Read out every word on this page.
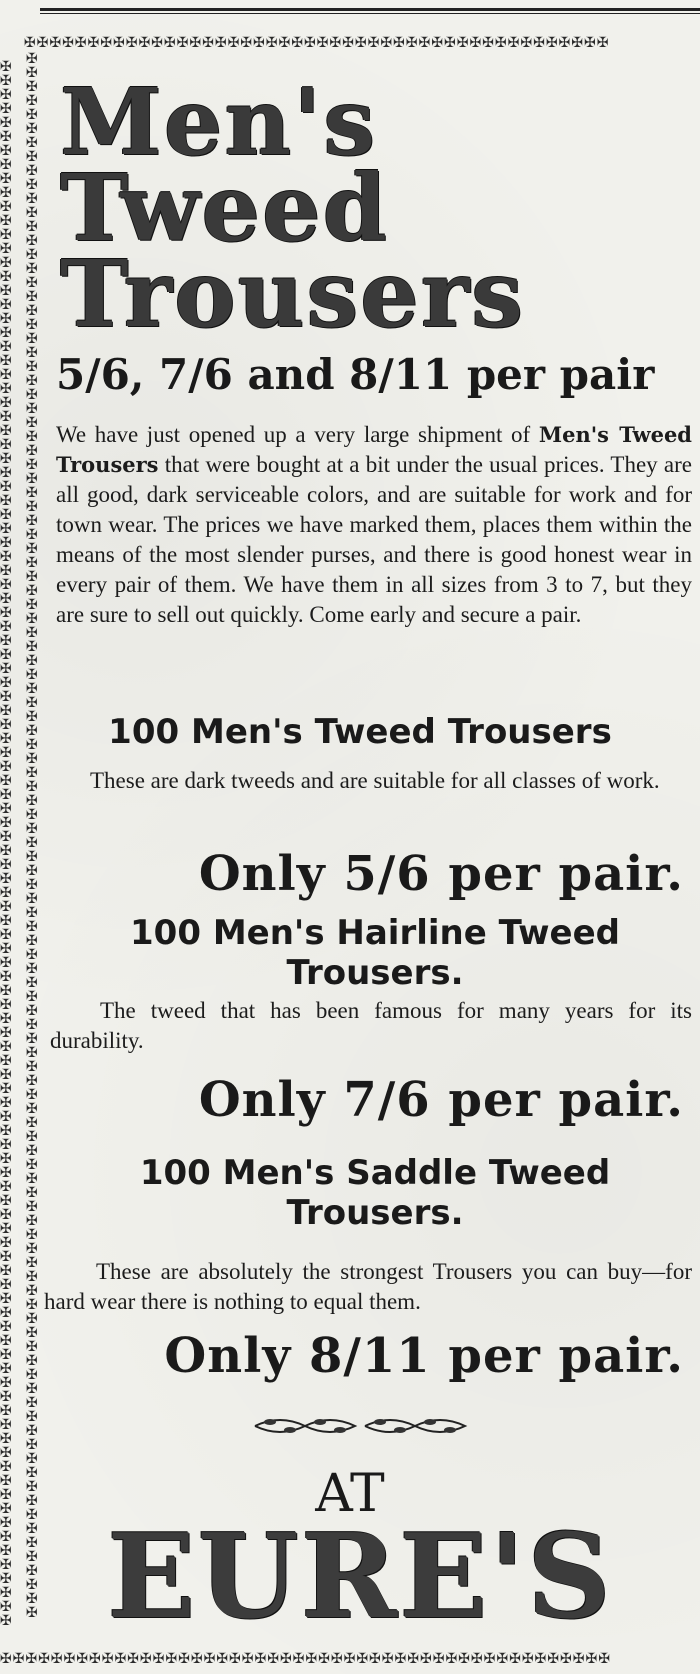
✠✠✠✠✠✠✠✠✠✠✠✠✠✠✠✠✠✠✠✠✠✠✠✠✠✠✠✠✠✠✠✠✠✠✠✠✠✠✠✠✠✠✠✠✠✠
✠✠✠✠✠✠✠✠✠✠✠✠✠✠✠✠✠✠✠✠✠✠✠✠✠✠✠✠✠✠✠✠✠✠✠✠✠✠✠✠✠✠✠✠✠✠✠✠✠✠✠✠✠✠✠✠✠✠✠✠✠✠✠✠✠✠✠✠✠✠✠✠✠✠✠✠✠✠✠✠✠✠✠✠✠✠✠✠✠✠✠✠✠✠✠✠✠✠✠✠✠✠✠✠✠✠✠✠✠✠✠✠
✠✠✠✠✠✠✠✠✠✠✠✠✠✠✠✠✠✠✠✠✠✠✠✠✠✠✠✠✠✠✠✠✠✠✠✠✠✠✠✠✠✠✠✠✠✠✠✠✠✠✠✠✠✠✠✠✠✠✠✠✠✠✠✠✠✠✠✠✠✠✠✠✠✠✠✠✠✠✠✠✠✠✠✠✠✠✠✠✠✠✠✠✠✠✠✠✠✠✠✠✠✠✠✠✠✠✠✠✠✠✠✠
✠✠✠✠✠✠✠✠✠✠✠✠✠✠✠✠✠✠✠✠✠✠✠✠✠✠✠✠✠✠✠✠✠✠✠✠✠✠✠✠✠✠✠✠✠✠✠✠
Men's
Tweed
Trousers
5/6, 7/6 and 8/11 per pair

We have just opened up a very large shipment of Men's Tweed Trousers that were bought at a bit under the usual prices. They are all good, dark serviceable colors, and are suitable for work and for town wear. The prices we have marked them, places them within the means of the most slender purses, and there is good honest wear in every pair of them. We have them in all sizes from 3 to 7, but they are sure to sell out quickly. Come early and secure a pair.

100 Men's Tweed Trousers

These are dark tweeds and are suitable for all classes of work.

Only 5/6 per pair.
100 Men's Hairline Tweed Trousers.

The tweed that has been famous for many years for its durability.

Only 7/6 per pair.
100 Men's Saddle Tweed Trousers.

These are absolutely the strongest Trousers you can buy—for hard wear there is nothing to equal them.

Only 8/11 per pair.
AT
EURE'S
